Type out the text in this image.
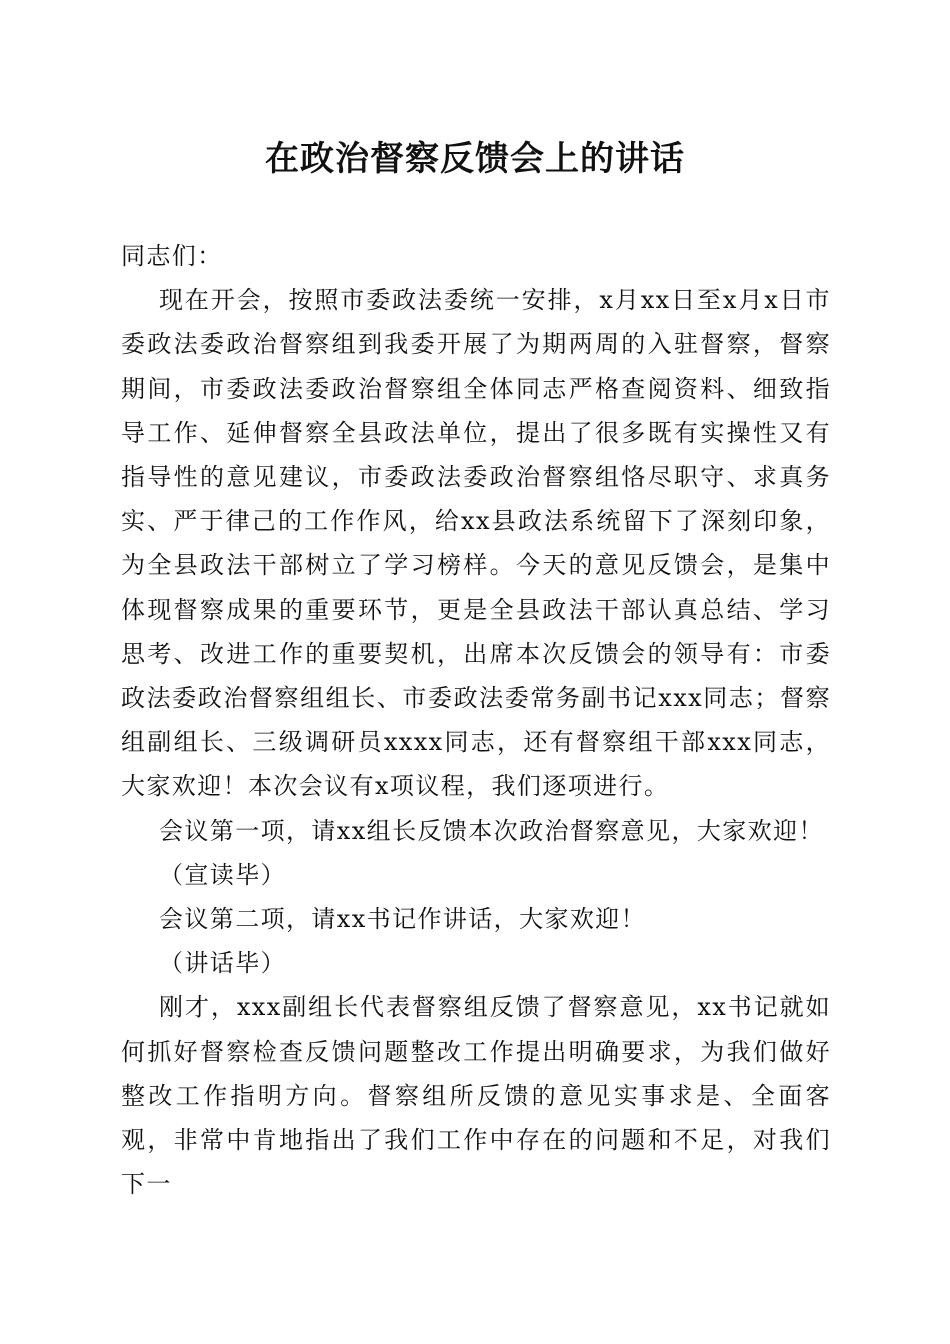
在政治督察反馈会上的讲话

同志们：

现在开会，按照市委政法委统一安排，x月xx日至x月x日市委政法委政治督察组到我委开展了为期两周的入驻督察，督察期间，市委政法委政治督察组全体同志严格查阅资料、细致指导工作、延伸督察全县政法单位，提出了很多既有实操性又有指导性的意见建议，市委政法委政治督察组恪尽职守、求真务实、严于律己的工作作风，给xx县政法系统留下了深刻印象，为全县政法干部树立了学习榜样。今天的意见反馈会，是集中体现督察成果的重要环节，更是全县政法干部认真总结、学习思考、改进工作的重要契机，出席本次反馈会的领导有：市委政法委政治督察组组长、市委政法委常务副书记xxx同志；督察组副组长、三级调研员xxxx同志，还有督察组干部xxx同志，大家欢迎！本次会议有x项议程，我们逐项进行。

会议第一项，请xx组长反馈本次政治督察意见，大家欢迎！

（宣读毕）

会议第二项，请xx书记作讲话，大家欢迎！

（讲话毕）

刚才，xxx副组长代表督察组反馈了督察意见，xx书记就如何抓好督察检查反馈问题整改工作提出明确要求，为我们做好整改工作指明方向。督察组所反馈的意见实事求是、全面客观，非常中肯地指出了我们工作中存在的问题和不足，对我们下一
